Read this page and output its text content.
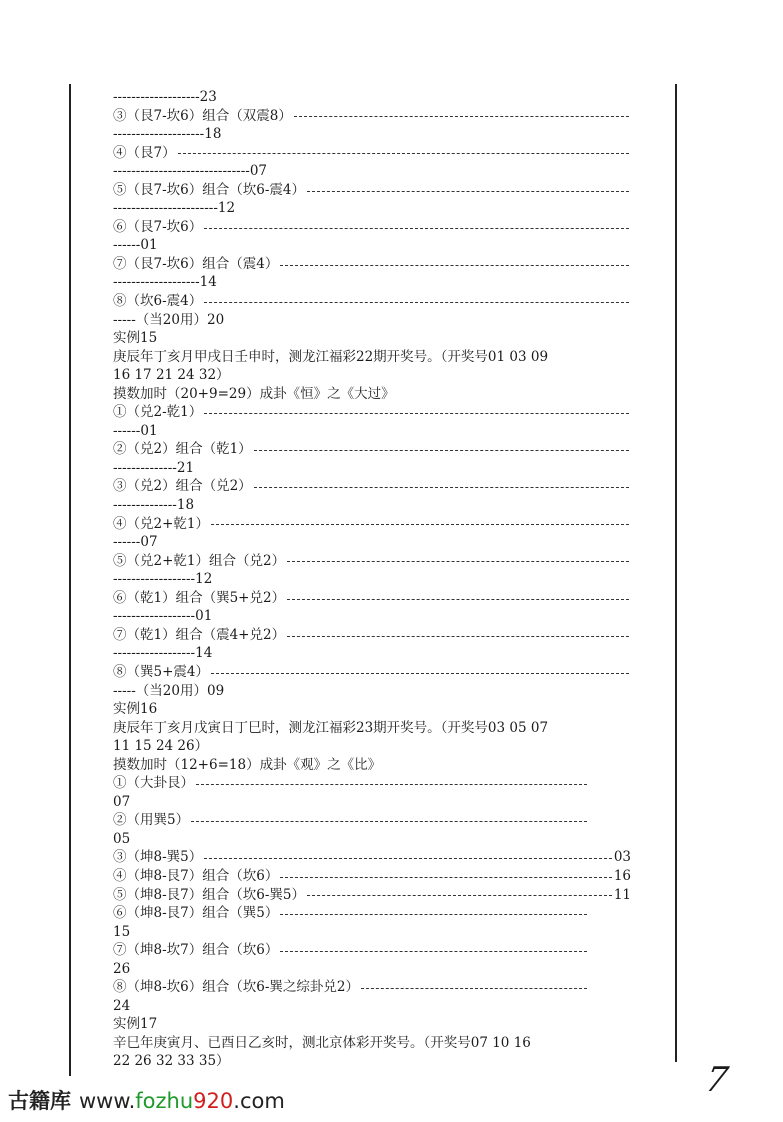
-------------------23
③（艮7-坎6）组合（双震8）
--------------------18
④（艮7）
------------------------------07
⑤（艮7-坎6）组合（坎6-震4）
-----------------------12
⑥（艮7-坎6）
------01
⑦（艮7-坎6）组合（震4）
-------------------14
⑧（坎6-震4）
-----（当20用）20
实例15
庚辰年丁亥月甲戌日壬申时，测龙江福彩22期开奖号。（开奖号01 03 09
16 17 21 24 32）
摸数加时（20+9=29）成卦《恒》之《大过》
①（兑2-乾1）
------01
②（兑2）组合（乾1）
--------------21
③（兑2）组合（兑2）
--------------18
④（兑2+乾1）
------07
⑤（兑2+乾1）组合（兑2）
------------------12
⑥（乾1）组合（巽5+兑2）
------------------01
⑦（乾1）组合（震4+兑2）
------------------14
⑧（巽5+震4）
-----（当20用）09
实例16
庚辰年丁亥月戊寅日丁巳时，测龙江福彩23期开奖号。（开奖号03 05 07
11 15 24 26）
摸数加时（12+6=18）成卦《观》之《比》
①（大卦艮）
07
②（用巽5）
05
③（坤8-巽5）	03
④（坤8-艮7）组合（坎6）	16
⑤（坤8-艮7）组合（坎6-巽5）	11
⑥（坤8-艮7）组合（巽5）
15
⑦（坤8-坎7）组合（坎6）
26
⑧（坤8-坎6）组合（坎6-巽之综卦兑2）
24
实例17
辛巳年庚寅月、已酉日乙亥时，测北京体彩开奖号。（开奖号07 10 16
22 26 32 33 35）	7
古籍库 www.fozhu920.com
